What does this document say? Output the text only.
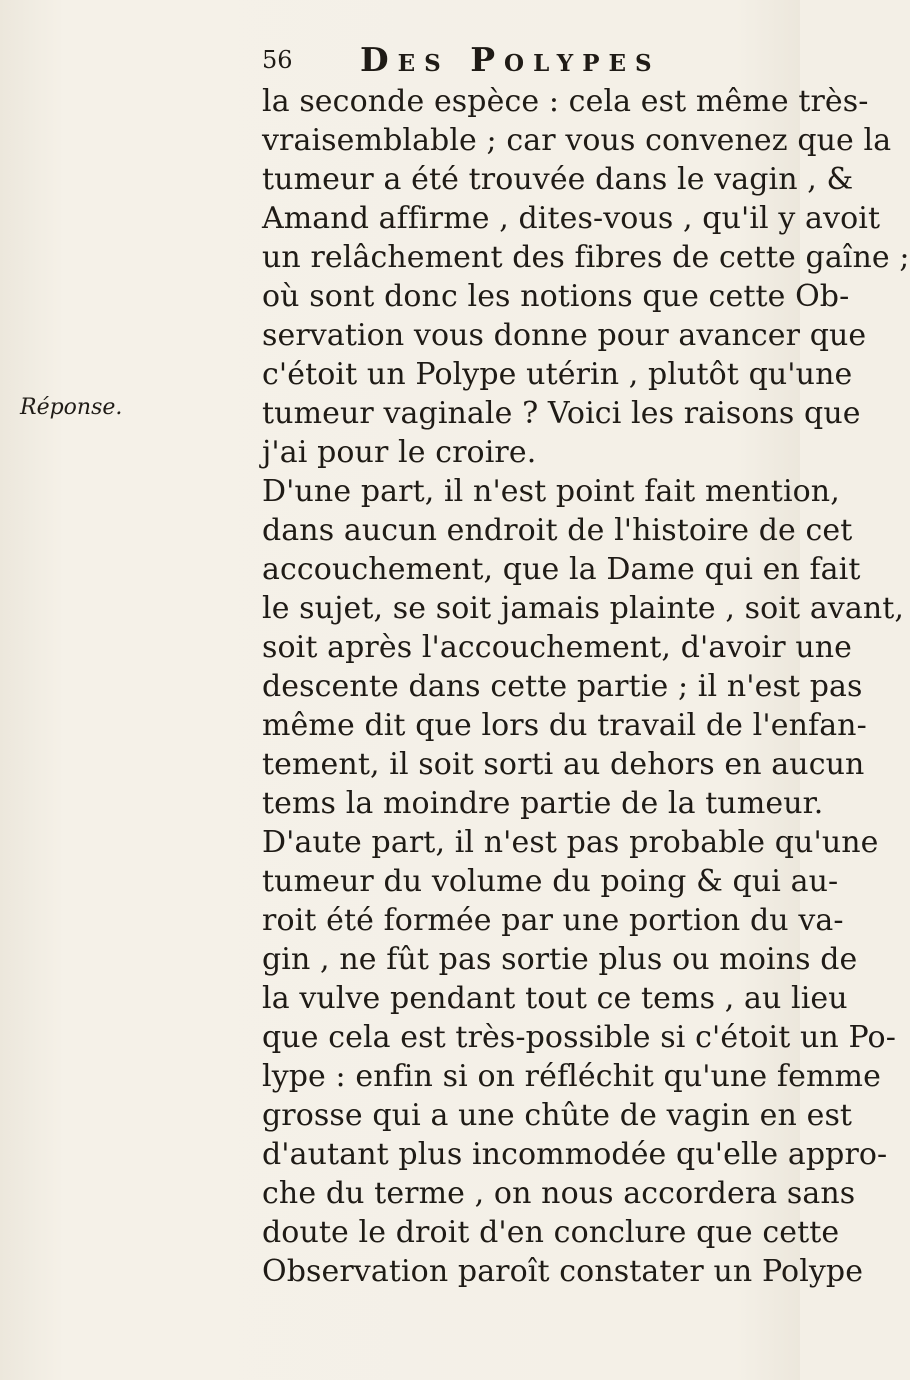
56 Des Polypes
Réponse.
la seconde espèce : cela est même très-
vraisemblable ; car vous convenez que la
tumeur a été trouvée dans le vagin , &
Amand affirme , dites-vous , qu'il y avoit
un relâchement des fibres de cette gaîne ;
où sont donc les notions que cette Ob-
servation vous donne pour avancer que
c'étoit un Polype utérin , plutôt qu'une
tumeur vaginale ? Voici les raisons que
j'ai pour le croire.
D'une part, il n'est point fait mention,
dans aucun endroit de l'histoire de cet
accouchement, que la Dame qui en fait
le sujet, se soit jamais plainte , soit avant,
soit après l'accouchement, d'avoir une
descente dans cette partie ; il n'est pas
même dit que lors du travail de l'enfan-
tement, il soit sorti au dehors en aucun
tems la moindre partie de la tumeur.
D'aute part, il n'est pas probable qu'une
tumeur du volume du poing & qui au-
roit été formée par une portion du va-
gin , ne fût pas sortie plus ou moins de
la vulve pendant tout ce tems , au lieu
que cela est très-possible si c'étoit un Po-
lype : enfin si on réfléchit qu'une femme
grosse qui a une chûte de vagin en est
d'autant plus incommodée qu'elle appro-
che du terme , on nous accordera sans
doute le droit d'en conclure que cette
Observation paroît constater un Polype
